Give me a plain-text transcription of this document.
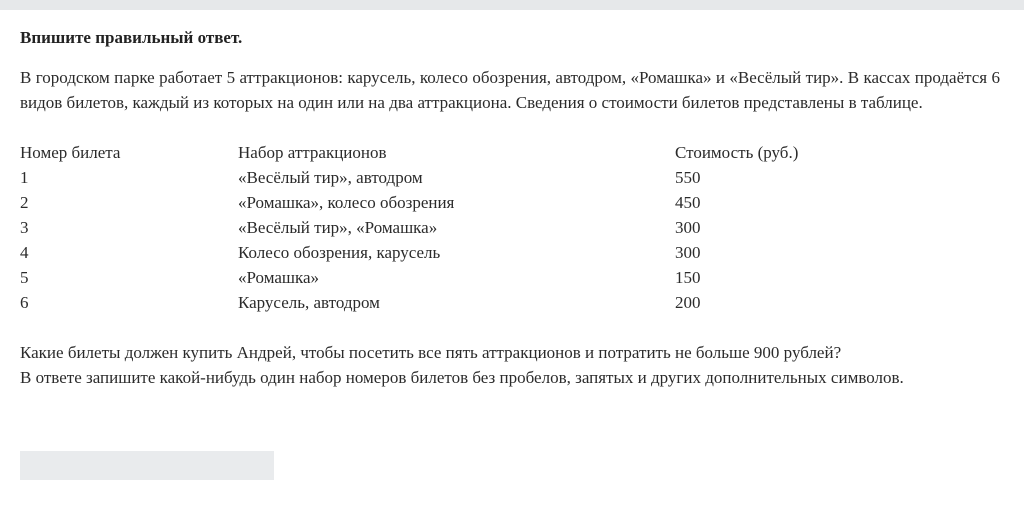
Впишите правильный ответ.

В городском парке работает 5 аттракционов: карусель, колесо обозрения, автодром, «Ромашка» и «Весёлый тир». В кассах продаётся 6 видов билетов, каждый из которых на один или на два аттракциона. Сведения о стоимости билетов представлены в таблице.

Номер билета	Набор аттракционов	Стоимость (руб.)
1	«Весёлый тир», автодром	550
2	«Ромашка», колесо обозрения	450
3	«Весёлый тир», «Ромашка»	300
4	Колесо обозрения, карусель	300
5	«Ромашка»	150
6	Карусель, автодром	200

Какие билеты должен купить Андрей, чтобы посетить все пять аттракционов и потратить не больше 900 рублей?
В ответе запишите какой-нибудь один набор номеров билетов без пробелов, запятых и других дополнительных символов.
